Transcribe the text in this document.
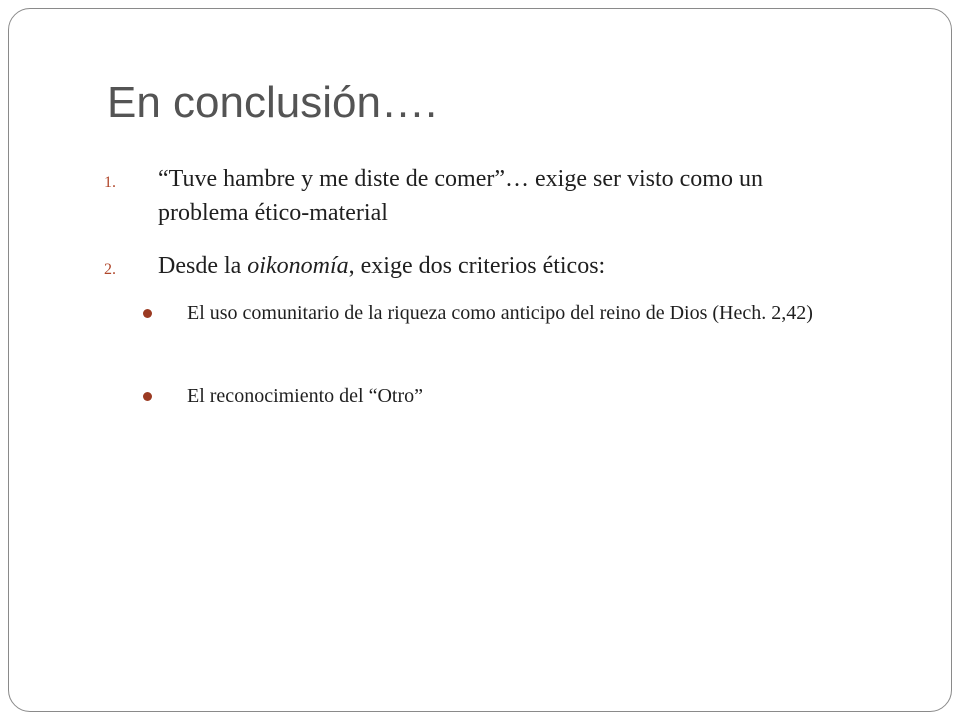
En conclusión….
1. “Tuve hambre y me diste de comer”… exige ser visto como un problema ético-material
2. Desde la oikonomía, exige dos criterios éticos:
El uso comunitario de la riqueza como anticipo del reino de Dios (Hech. 2,42)
El reconocimiento del “Otro”
